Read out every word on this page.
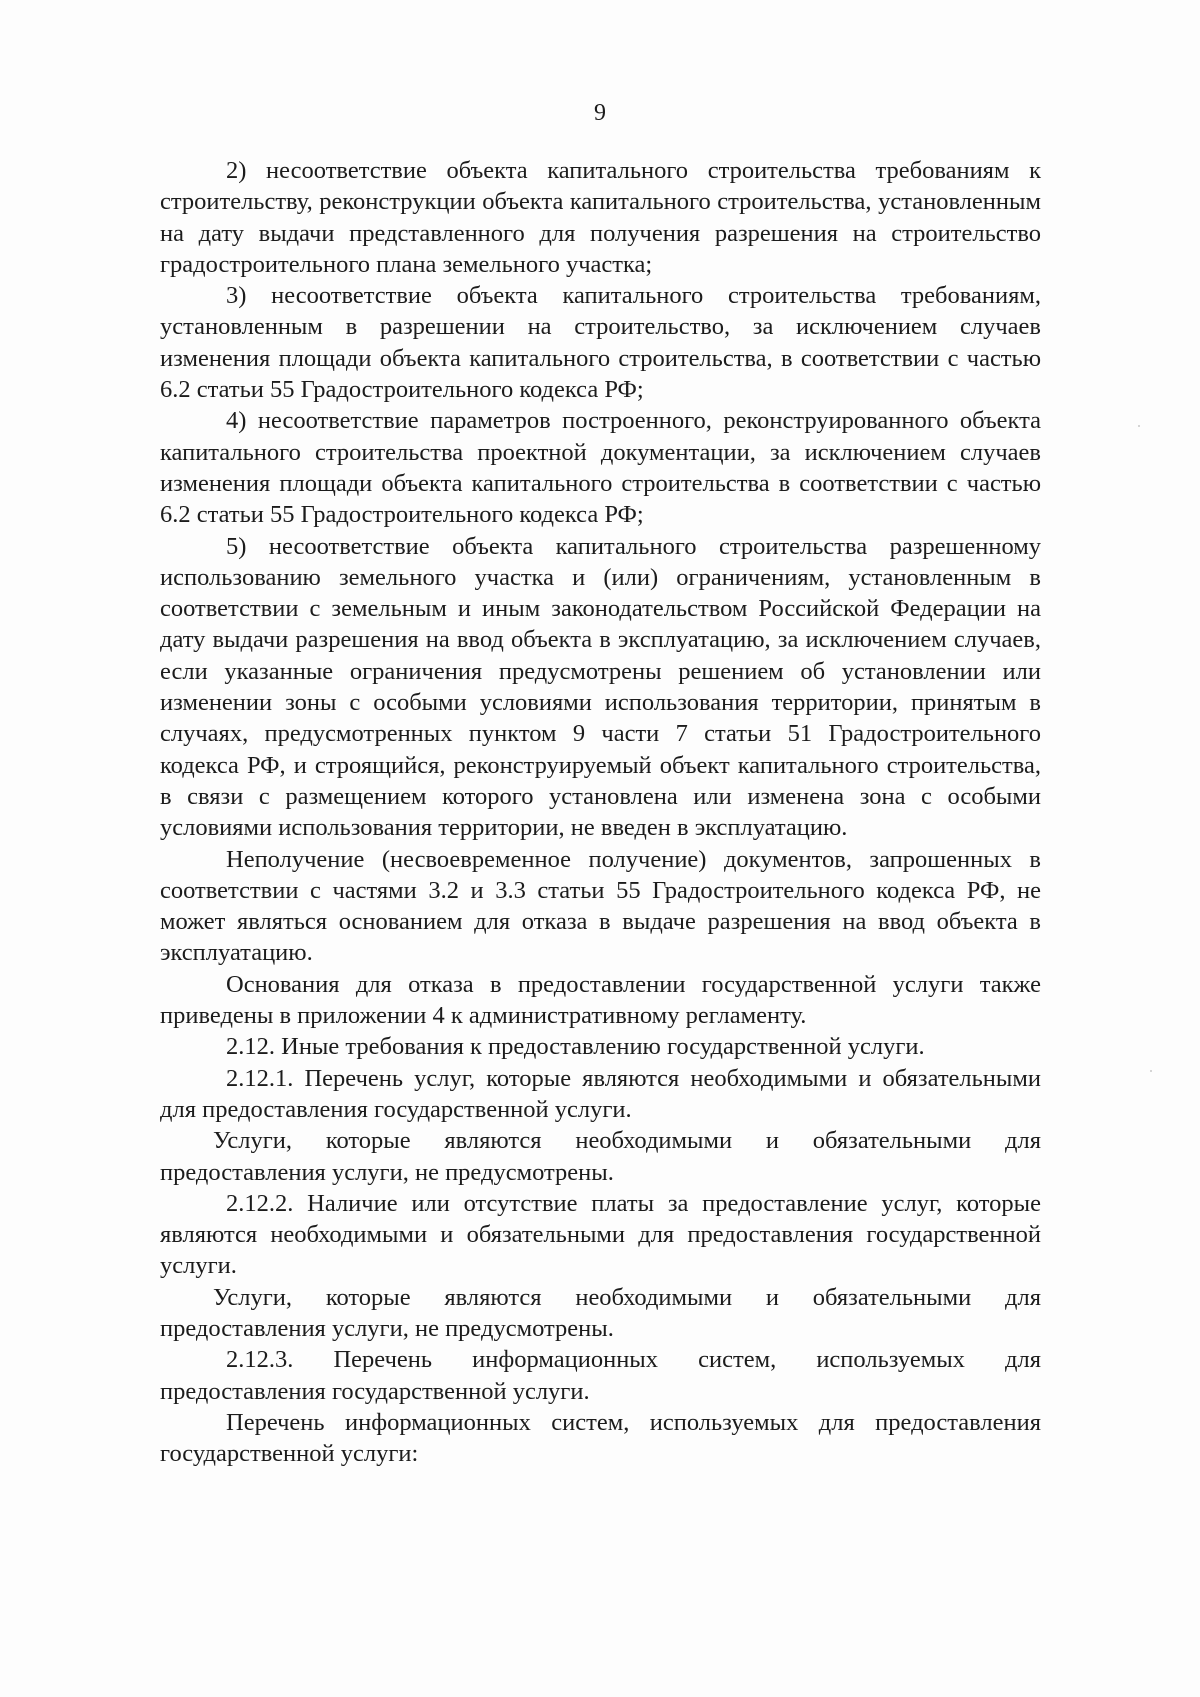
9

2) несоответствие объекта капитального строительства требованиям к строительству, реконструкции объекта капитального строительства, установленным на дату выдачи представленного для получения разрешения на строительство градостроительного плана земельного участка;

3) несоответствие объекта капитального строительства требованиям, установленным в разрешении на строительство, за исключением случаев изменения площади объекта капитального строительства, в соответствии с частью 6.2 статьи 55 Градостроительного кодекса РФ;

4) несоответствие параметров построенного, реконструированного объекта капитального строительства проектной документации, за исключением случаев изменения площади объекта капитального строительства в соответствии с частью 6.2 статьи 55 Градостроительного кодекса РФ;

5) несоответствие объекта капитального строительства разрешенному использованию земельного участка и (или) ограничениям, установленным в соответствии с земельным и иным законодательством Российской Федерации на дату выдачи разрешения на ввод объекта в эксплуатацию, за исключением случаев, если указанные ограничения предусмотрены решением об установлении или изменении зоны с особыми условиями использования территории, принятым в случаях, предусмотренных пунктом 9 части 7 статьи 51 Градостроительного кодекса РФ, и строящийся, реконструируемый объект капитального строительства, в связи с размещением которого установлена или изменена зона с особыми условиями использования территории, не введен в эксплуатацию.

Неполучение (несвоевременное получение) документов, запрошенных в соответствии с частями 3.2 и 3.3 статьи 55 Градостроительного кодекса РФ, не может являться основанием для отказа в выдаче разрешения на ввод объекта в эксплуатацию.

Основания для отказа в предоставлении государственной услуги также приведены в приложении 4 к административному регламенту.

2.12. Иные требования к предоставлению государственной услуги.

2.12.1. Перечень услуг, которые являются необходимыми и обязательными для предоставления государственной услуги.

Услуги, которые являются необходимыми и обязательными для предоставления услуги, не предусмотрены.

2.12.2. Наличие или отсутствие платы за предоставление услуг, которые являются необходимыми и обязательными для предоставления государственной услуги.

Услуги, которые являются необходимыми и обязательными для предоставления услуги, не предусмотрены.

2.12.3. Перечень информационных систем, используемых для предоставления государственной услуги.

Перечень информационных систем, используемых для предоставления государственной услуги:
